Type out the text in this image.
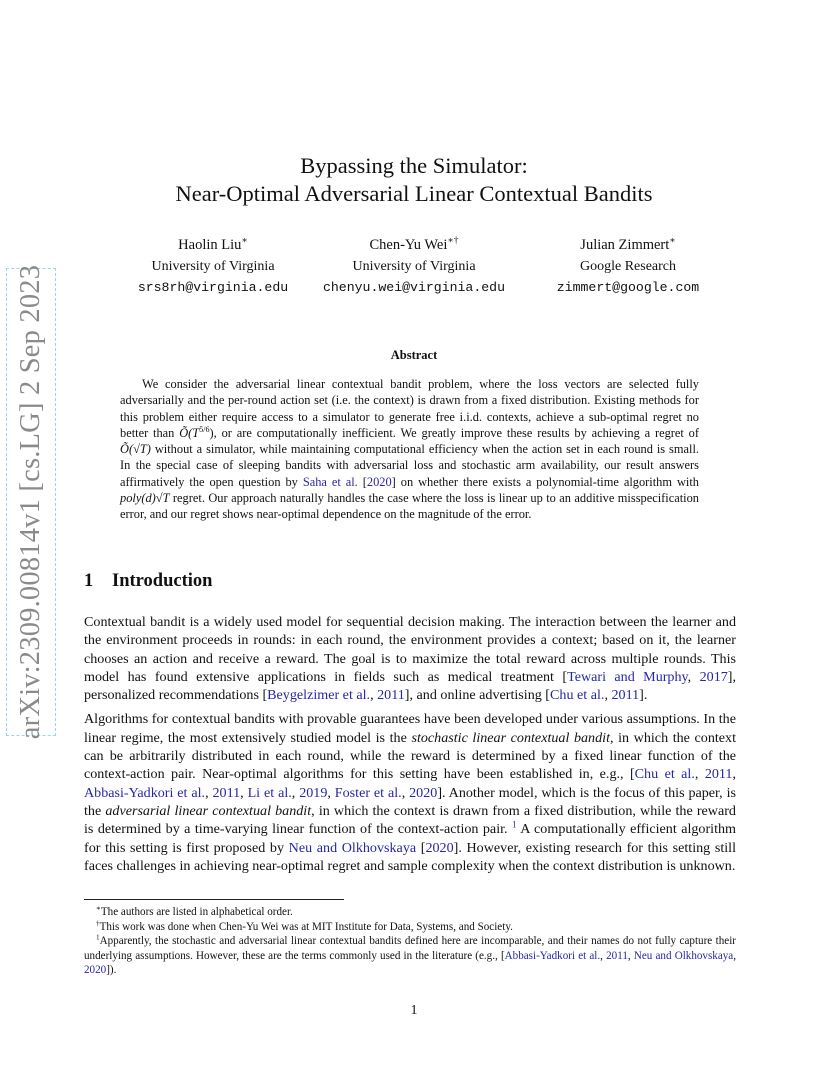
arXiv:2309.00814v1 [cs.LG] 2 Sep 2023
Bypassing the Simulator:
Near-Optimal Adversarial Linear Contextual Bandits
Haolin Liu∗
University of Virginia
srs8rh@virginia.edu
Chen-Yu Wei∗†
University of Virginia
chenyu.wei@virginia.edu
Julian Zimmert∗
Google Research
zimmert@google.com
Abstract

We consider the adversarial linear contextual bandit problem, where the loss vectors are selected fully adversarially and the per-round action set (i.e. the context) is drawn from a fixed distribution. Existing methods for this problem either require access to a simulator to generate free i.i.d. contexts, achieve a sub-optimal regret no better than $Õ(T^{5/6})$, or are computationally inefficient. We greatly improve these results by achieving a regret of Õ(√T) without a simulator, while maintaining computational efficiency when the action set in each round is small. In the special case of sleeping bandits with adversarial loss and stochastic arm availability, our result answers affirmatively the open question by Saha et al. [2020] on whether there exists a polynomial-time algorithm with poly(d)√T regret. Our approach naturally handles the case where the loss is linear up to an additive misspecification error, and our regret shows near-optimal dependence on the magnitude of the error.

1 Introduction

Contextual bandit is a widely used model for sequential decision making. The interaction between the learner and the environment proceeds in rounds: in each round, the environment provides a context; based on it, the learner chooses an action and receive a reward. The goal is to maximize the total reward across multiple rounds. This model has found extensive applications in fields such as medical treatment [Tewari and Murphy, 2017], personalized recommendations [Beygelzimer et al., 2011], and online advertising [Chu et al., 2011].

Algorithms for contextual bandits with provable guarantees have been developed under various assumptions. In the linear regime, the most extensively studied model is the stochastic linear contextual bandit, in which the context can be arbitrarily distributed in each round, while the reward is determined by a fixed linear function of the context-action pair. Near-optimal algorithms for this setting have been established in, e.g., [Chu et al., 2011, Abbasi-Yadkori et al., 2011, Li et al., 2019, Foster et al., 2020]. Another model, which is the focus of this paper, is the adversarial linear contextual bandit, in which the context is drawn from a fixed distribution, while the reward is determined by a time-varying linear function of the context-action pair. $^1$ A computationally efficient algorithm for this setting is first proposed by Neu and Olkhovskaya [2020]. However, existing research for this setting still faces challenges in achieving near-optimal regret and sample complexity when the context distribution is unknown.

∗The authors are listed in alphabetical order.

†This work was done when Chen-Yu Wei was at MIT Institute for Data, Systems, and Society.

$^1$Apparently, the stochastic and adversarial linear contextual bandits defined here are incomparable, and their names do not fully capture their underlying assumptions. However, these are the terms commonly used in the literature (e.g., [Abbasi-Yadkori et al., 2011, Neu and Olkhovskaya, 2020]).

1
